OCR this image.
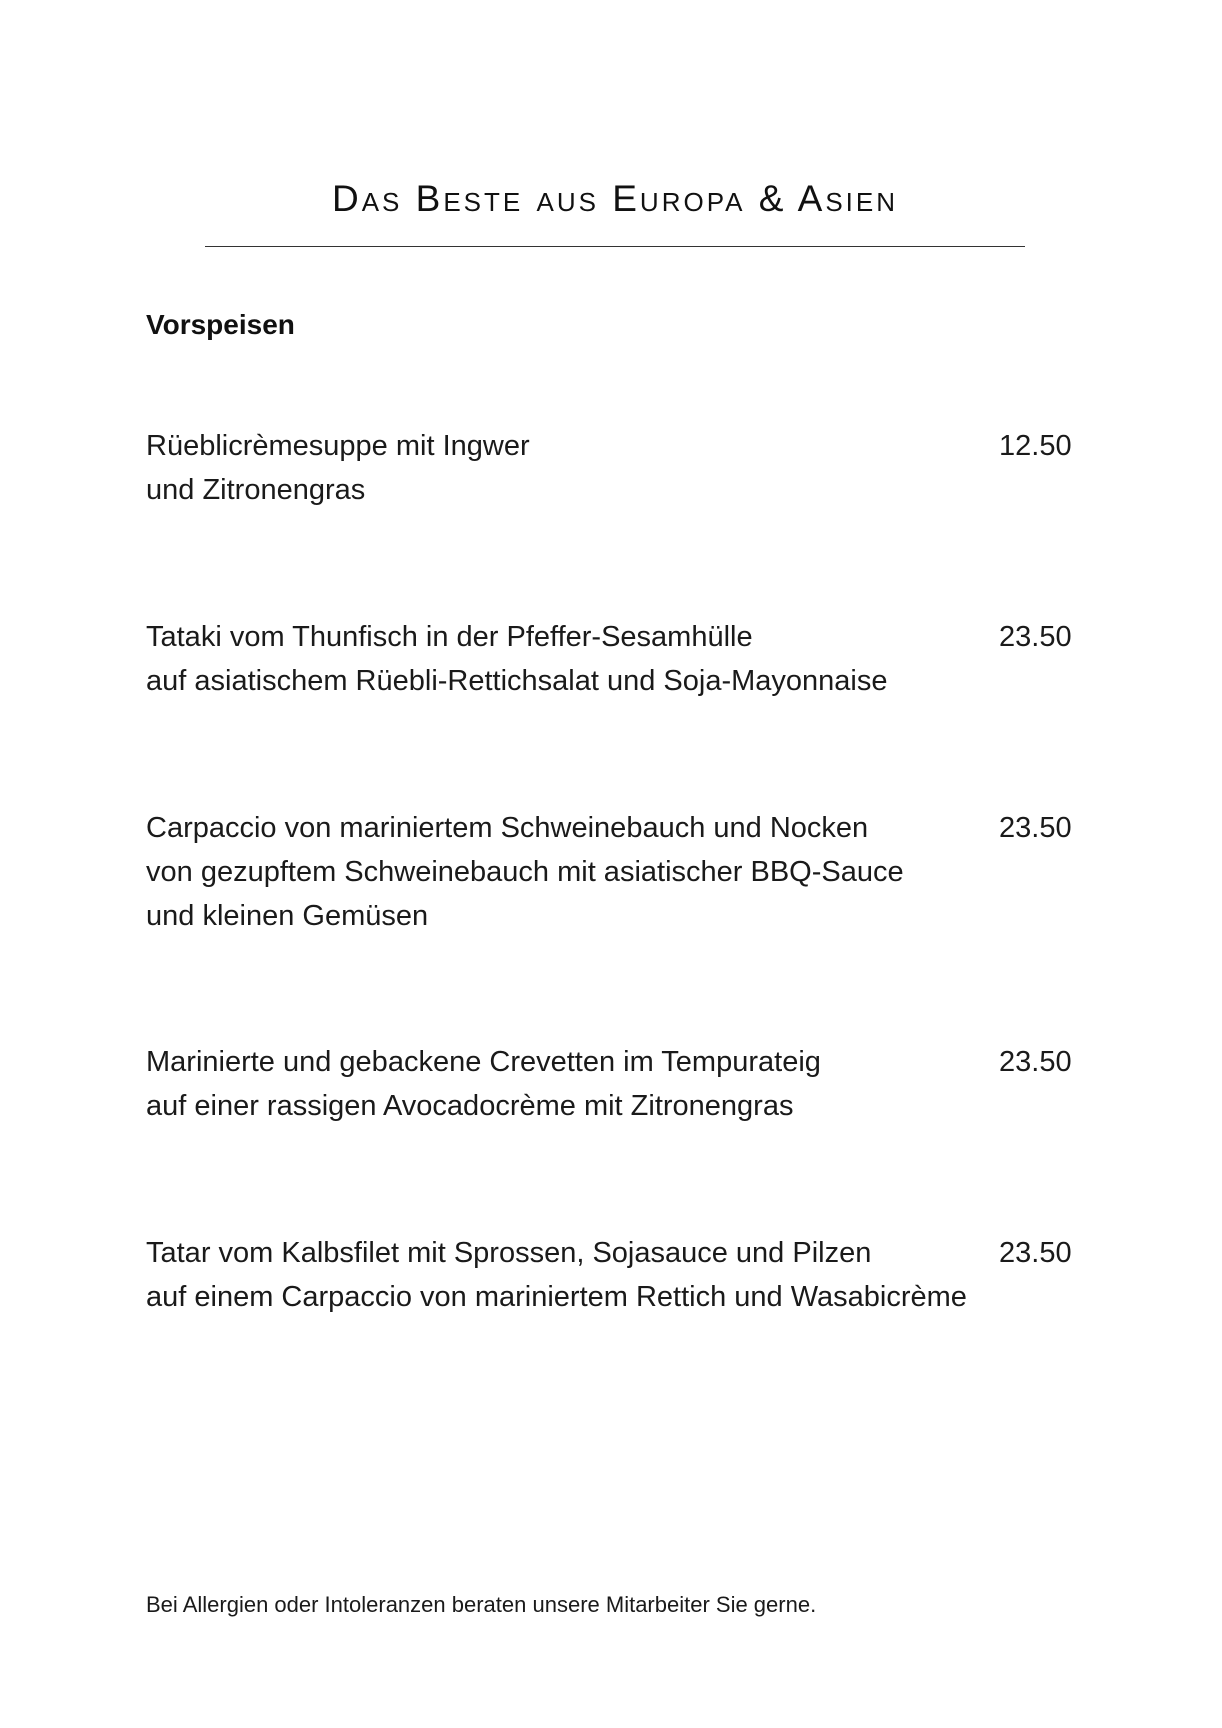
Das Beste aus Europa & Asien
Vorspeisen
Rüeblicrèmesuppe mit Ingwer
und Zitronengras
12.50
Tataki vom Thunfisch in der Pfeffer-Sesamhülle
auf asiatischem Rüebli-Rettichsalat und Soja-Mayonnaise
23.50
Carpaccio von mariniertem Schweinebauch und Nocken
von gezupftem Schweinebauch mit asiatischer BBQ-Sauce
und kleinen Gemüsen
23.50
Marinierte und gebackene Crevetten im Tempurateig
auf einer rassigen Avocadocrème mit Zitronengras
23.50
Tatar vom Kalbsfilet mit Sprossen, Sojasauce und Pilzen
auf einem Carpaccio von mariniertem Rettich und Wasabicrème
23.50
Bei Allergien oder Intoleranzen beraten unsere Mitarbeiter Sie gerne.
